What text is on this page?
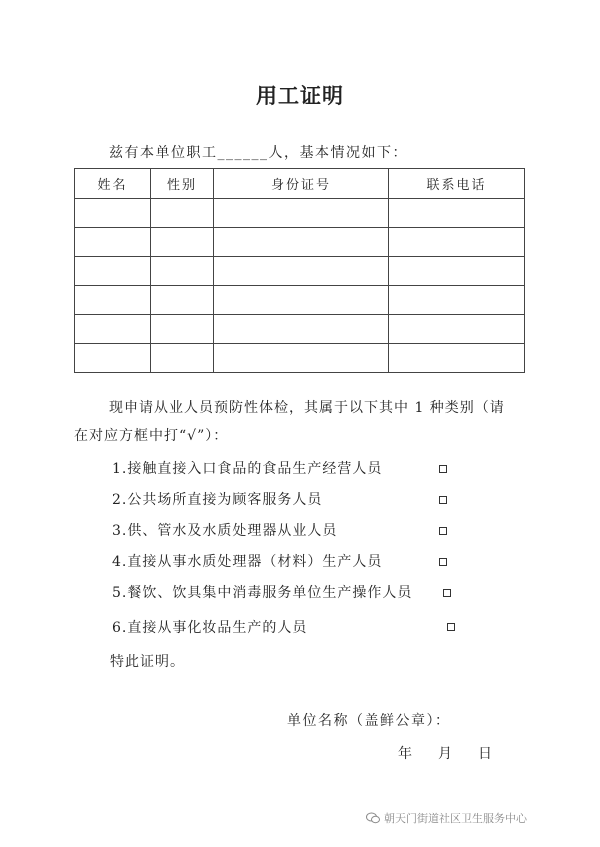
用工证明
兹有本单位职工______人，基本情况如下：
姓名	性别	身份证号	联系电话

现申请从业人员预防性体检，其属于以下其中 1 种类别（请
在对应方框中打“√”）：
1.接触直接入口食品的食品生产经营人员
2.公共场所直接为顾客服务人员
3.供、管水及水质处理器从业人员
4.直接从事水质处理器（材料）生产人员
5.餐饮、饮具集中消毒服务单位生产操作人员
6.直接从事化妆品生产的人员
特此证明。
单位名称（盖鲜公章）：
年 月 日
朝天门街道社区卫生服务中心
